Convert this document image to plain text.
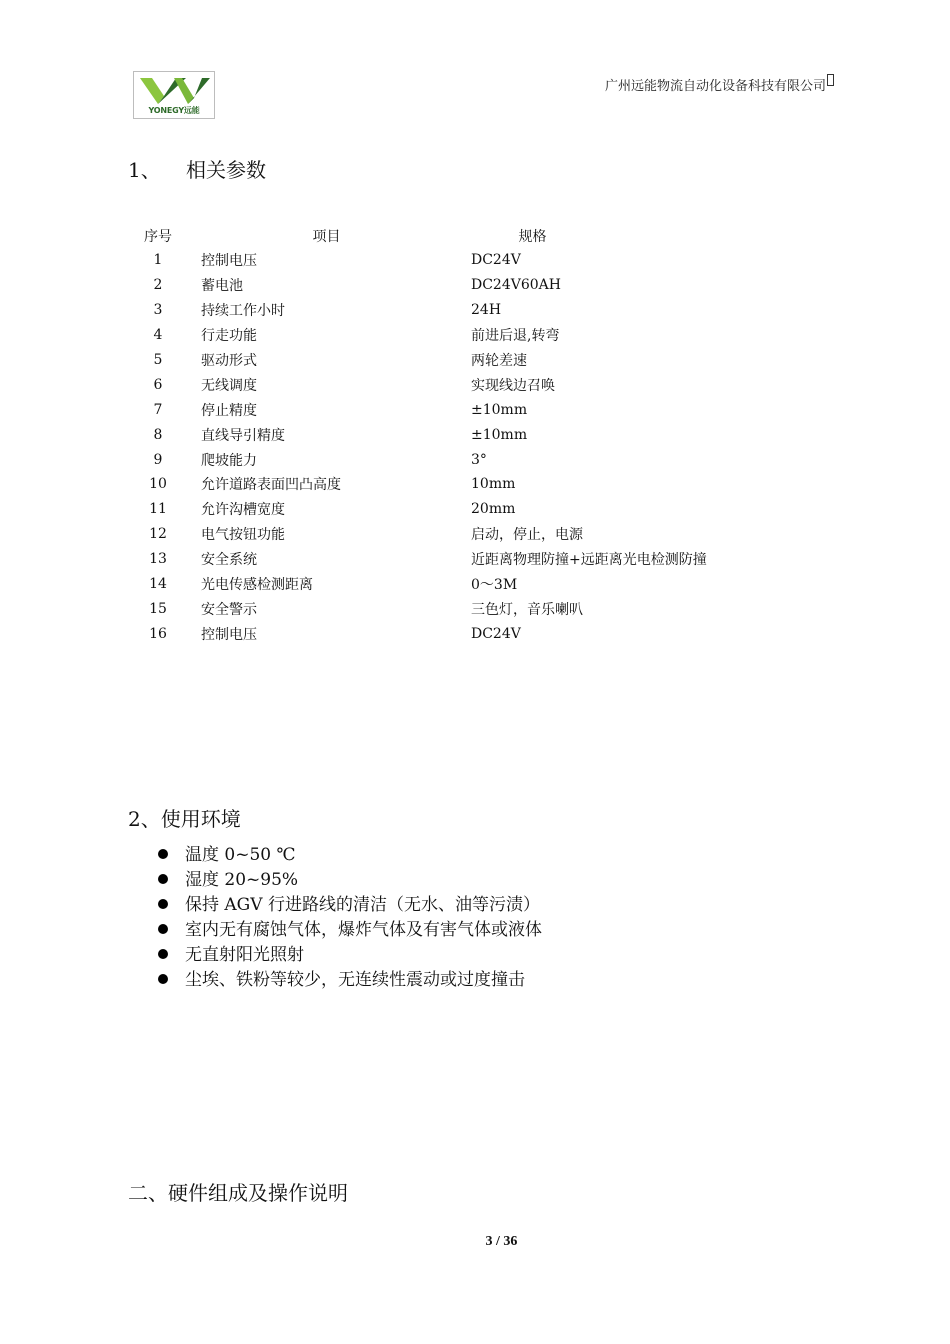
YONEGY远能
广州远能物流自动化设备科技有限公司
1、 相关参数
序号	项目	规格
1	控制电压	DC24V
2	蓄电池	DC24V60AH
3	持续工作小时	24H
4	行走功能	前进后退,转弯
5	驱动形式	两轮差速
6	无线调度	实现线边召唤
7	停止精度	±10mm
8	直线导引精度	±10mm
9	爬坡能力	3°
10	允许道路表面凹凸高度	10mm
11	允许沟槽宽度	20mm
12	电气按钮功能	启动，停止，电源
13	安全系统	近距离物理防撞+远距离光电检测防撞
14	光电传感检测距离	0～3M
15	安全警示	三色灯，音乐喇叭
16	控制电压	DC24V
2、使用环境
温度 0~50 ℃
湿度 20~95%
保持 AGV 行进路线的清洁（无水、油等污渍）
室内无有腐蚀气体，爆炸气体及有害气体或液体
无直射阳光照射
尘埃、铁粉等较少，无连续性震动或过度撞击
二、硬件组成及操作说明
3 / 36
